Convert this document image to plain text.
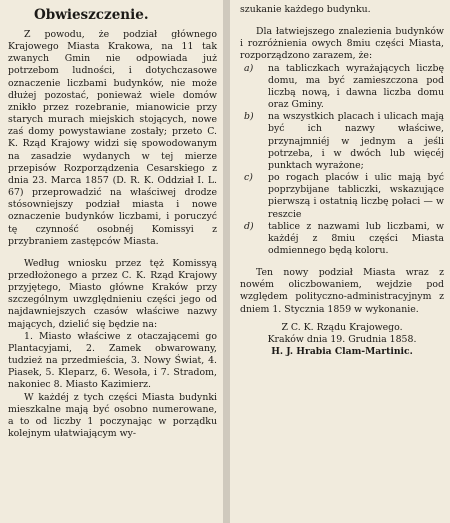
Obwieszczenie.

Z powodu, że podział głównego Krajowego Miasta Krakowa, na 11 tak zwanych Gmin nie odpowiada już potrzebom ludności, i dotychczasowe oznaczenie liczbami budynków, nie może dłużej pozostać, ponieważ wiele domów znikło przez rozebranie, mianowicie przy starych murach miejskich stojących, nowe zaś domy powystawiane zostały; przeto C. K. Rząd Krajowy widzi się spowodowanym na zasadzie wydanych w tej mierze przepisów Rozporządzenia Cesarskiego z dnia 23. Marca 1857 (D. R. K. Oddział I. L. 67) przeprowadzić na właściwej drodze stósowniejszy podział miasta i nowe oznaczenie budynków liczbami, i poruczyć tę czynność osobnéj Komissyi z przybraniem zastępców Miasta.

Według wniosku przez tęż Komissyą przedłożonego a przez C. K. Rząd Krajowy przyjętego, Miasto główne Kraków przy szczególnym uwzględnieniu części jego od najdawniejszych czasów właściwe nazwy mających, dzielić się będzie na:

1. Miasto właściwe z otaczającemi go Plantacyjami, 2. Zamek obwarowany, tudzież na przedmieścia, 3. Nowy Świat, 4. Piasek, 5. Kleparz, 6. Wesoła, i 7. Stradom, nakoniec 8. Miasto Kazimierz.

W każdéj z tych części Miasta budynki mieszkalne mają być osobno numerowane, a to od liczby 1 poczynając w porządku kolejnym ułatwiającym wy-

szukanie każdego budynku.

Dla łatwiejszego znalezienia budynków i rozróżnienia owych 8miu części Miasta, rozporządzono zarazem, że:

a) na tabliczkach wyrażających liczbę domu, ma być zamieszczona pod liczbą nową, i dawna liczba domu oraz Gminy.

b) na wszystkich placach i ulicach mają być ich nazwy właściwe, przynajmniéj w jednym a jeśli potrzeba, i w dwóch lub więcéj punktach wyrażone;

c) po rogach placów i ulic mają być poprzybijane tabliczki, wskazujące pierwszą i ostatnią liczbę połaci — w reszcie

d) tablice z nazwami lub liczbami, w każdéj z 8miu części Miasta odmiennego będą koloru.

Ten nowy podział Miasta wraz z nowém oliczbowaniem, wejdzie pod względem polityczno-administracyjnym z dniem 1. Stycznia 1859 w wykonanie.

Z C. K. Rządu Krajowego.

Kraków dnia 19. Grudnia 1858.

H. J. Hrabia Clam-Martinic.
